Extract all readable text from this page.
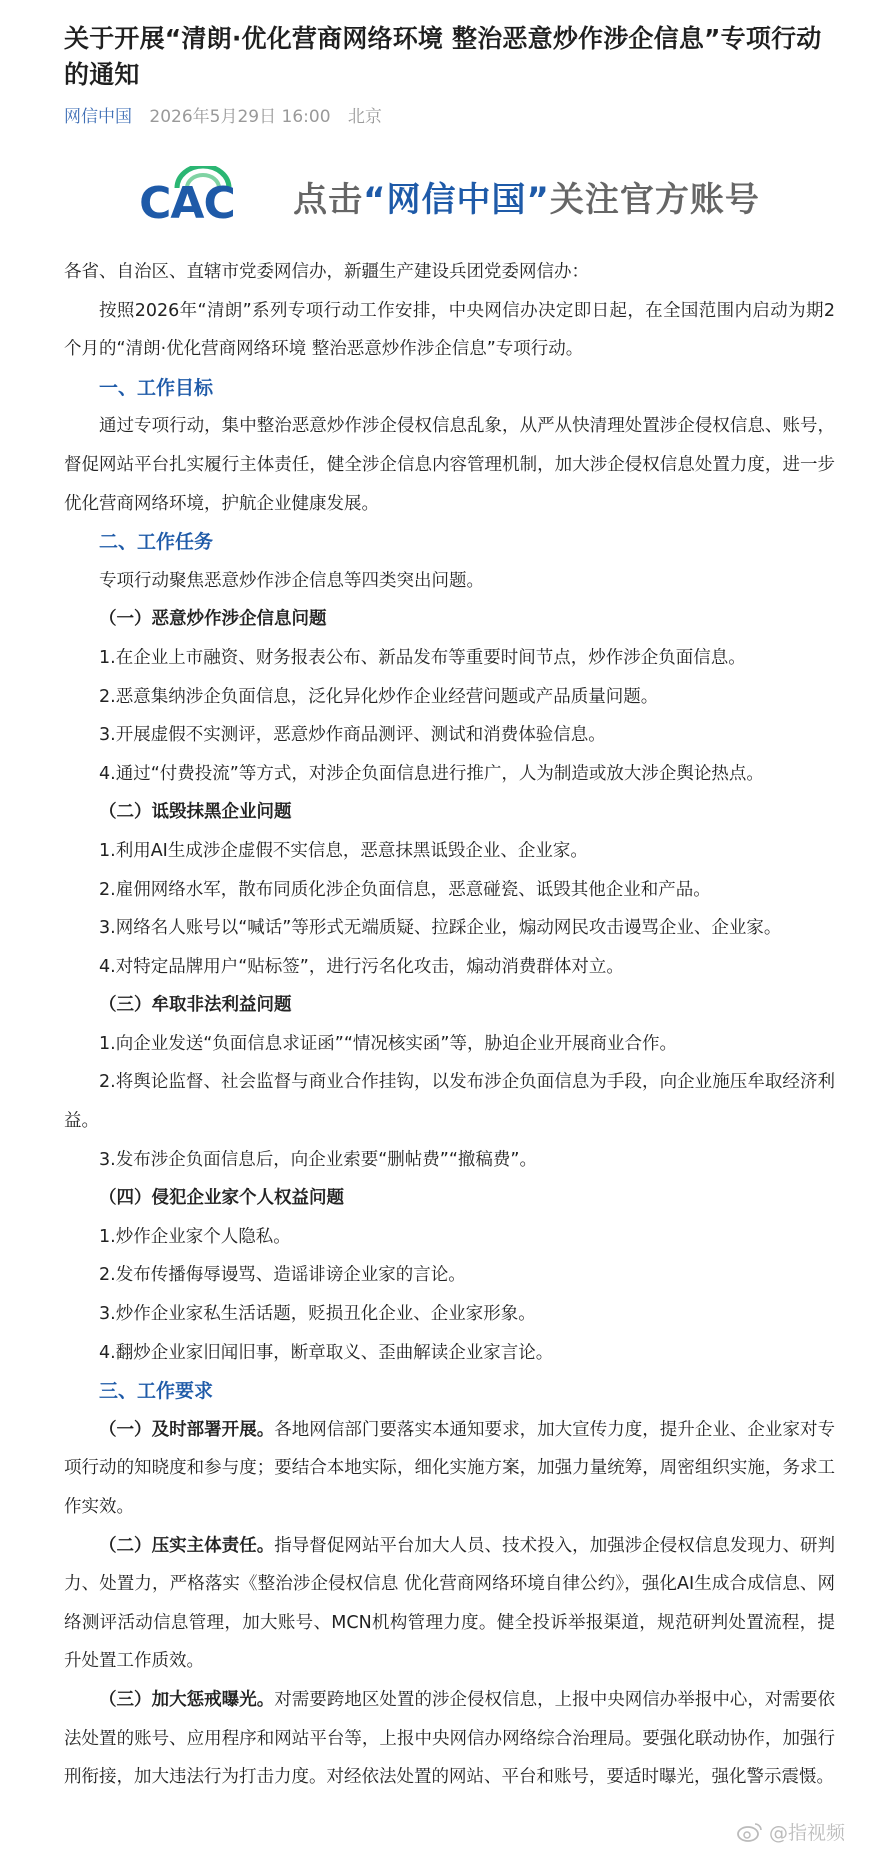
关于开展“清朗·优化营商网络环境 整治恶意炒作涉企信息”专项行动的通知
网信中国 2026年5月29日 16:00 北京
CAC 点击“网信中国”关注官方账号

各省、自治区、直辖市党委网信办，新疆生产建设兵团党委网信办：

按照2026年“清朗”系列专项行动工作安排，中央网信办决定即日起，在全国范围内启动为期2个月的“清朗·优化营商网络环境 整治恶意炒作涉企信息”专项行动。

一、工作目标

通过专项行动，集中整治恶意炒作涉企侵权信息乱象，从严从快清理处置涉企侵权信息、账号，督促网站平台扎实履行主体责任，健全涉企信息内容管理机制，加大涉企侵权信息处置力度，进一步优化营商网络环境，护航企业健康发展。

二、工作任务

专项行动聚焦恶意炒作涉企信息等四类突出问题。

（一）恶意炒作涉企信息问题

1.在企业上市融资、财务报表公布、新品发布等重要时间节点，炒作涉企负面信息。

2.恶意集纳涉企负面信息，泛化异化炒作企业经营问题或产品质量问题。

3.开展虚假不实测评，恶意炒作商品测评、测试和消费体验信息。

4.通过“付费投流”等方式，对涉企负面信息进行推广，人为制造或放大涉企舆论热点。

（二）诋毁抹黑企业问题

1.利用AI生成涉企虚假不实信息，恶意抹黑诋毁企业、企业家。

2.雇佣网络水军，散布同质化涉企负面信息，恶意碰瓷、诋毁其他企业和产品。

3.网络名人账号以“喊话”等形式无端质疑、拉踩企业，煽动网民攻击谩骂企业、企业家。

4.对特定品牌用户“贴标签”，进行污名化攻击，煽动消费群体对立。

（三）牟取非法利益问题

1.向企业发送“负面信息求证函”“情况核实函”等，胁迫企业开展商业合作。

2.将舆论监督、社会监督与商业合作挂钩，以发布涉企负面信息为手段，向企业施压牟取经济利益。

3.发布涉企负面信息后，向企业索要“删帖费”“撤稿费”。

（四）侵犯企业家个人权益问题

1.炒作企业家个人隐私。

2.发布传播侮辱谩骂、造谣诽谤企业家的言论。

3.炒作企业家私生活话题，贬损丑化企业、企业家形象。

4.翻炒企业家旧闻旧事，断章取义、歪曲解读企业家言论。

三、工作要求

（一）及时部署开展。各地网信部门要落实本通知要求，加大宣传力度，提升企业、企业家对专项行动的知晓度和参与度；要结合本地实际，细化实施方案，加强力量统筹，周密组织实施，务求工作实效。

（二）压实主体责任。指导督促网站平台加大人员、技术投入，加强涉企侵权信息发现力、研判力、处置力，严格落实《整治涉企侵权信息 优化营商网络环境自律公约》，强化AI生成合成信息、网络测评活动信息管理，加大账号、MCN机构管理力度。健全投诉举报渠道，规范研判处置流程，提升处置工作质效。

（三）加大惩戒曝光。对需要跨地区处置的涉企侵权信息，上报中央网信办举报中心，对需要依法处置的账号、应用程序和网站平台等，上报中央网信办网络综合治理局。要强化联动协作，加强行刑衔接，加大违法行为打击力度。对经依法处置的网站、平台和账号，要适时曝光，强化警示震慑。

@指视频
